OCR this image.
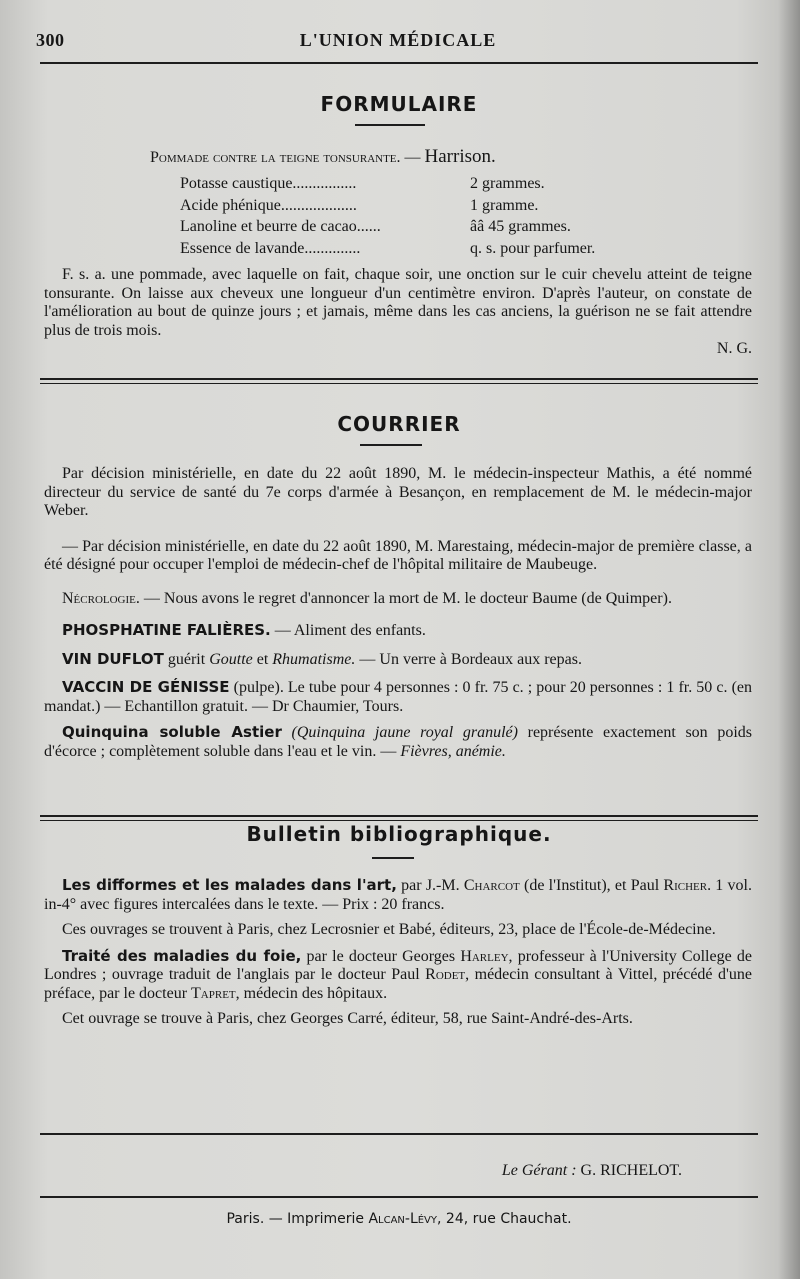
300	L'UNION MÉDICALE
FORMULAIRE
Pommade contre la teigne tonsurante. — Harrison.
Potasse caustique................	2 grammes.
Acide phénique...................	1 gramme.
Lanoline et beurre de cacao......	ââ 45 grammes.
Essence de lavande..............	q. s. pour parfumer.

F. s. a. une pommade, avec laquelle on fait, chaque soir, une onction sur le cuir chevelu atteint de teigne tonsurante. On laisse aux cheveux une longueur d'un centimètre environ. D'après l'auteur, on constate de l'amélioration au bout de quinze jours ; et jamais, même dans les cas anciens, la guérison ne se fait attendre plus de trois mois.

N. G.

COURRIER

Par décision ministérielle, en date du 22 août 1890, M. le médecin-inspecteur Mathis, a été nommé directeur du service de santé du 7e corps d'armée à Besançon, en remplacement de M. le médecin-major Weber.

— Par décision ministérielle, en date du 22 août 1890, M. Marestaing, médecin-major de première classe, a été désigné pour occuper l'emploi de médecin-chef de l'hôpital militaire de Maubeuge.

Nécrologie. — Nous avons le regret d'annoncer la mort de M. le docteur Baume (de Quimper).

PHOSPHATINE FALIÈRES. — Aliment des enfants.

VIN DUFLOT guérit Goutte et Rhumatisme. — Un verre à Bordeaux aux repas.

VACCIN DE GÉNISSE (pulpe). Le tube pour 4 personnes : 0 fr. 75 c. ; pour 20 personnes : 1 fr. 50 c. (en mandat.) — Echantillon gratuit. — Dr Chaumier, Tours.

Quinquina soluble Astier (Quinquina jaune royal granulé) représente exactement son poids d'écorce ; complètement soluble dans l'eau et le vin. — Fièvres, anémie.

Bulletin bibliographique.

Les difformes et les malades dans l'art, par J.-M. Charcot (de l'Institut), et Paul Richer. 1 vol. in-4° avec figures intercalées dans le texte. — Prix : 20 francs.

Ces ouvrages se trouvent à Paris, chez Lecrosnier et Babé, éditeurs, 23, place de l'École-de-Médecine.

Traité des maladies du foie, par le docteur Georges Harley, professeur à l'University College de Londres ; ouvrage traduit de l'anglais par le docteur Paul Rodet, médecin consultant à Vittel, précédé d'une préface, par le docteur Tapret, médecin des hôpitaux.

Cet ouvrage se trouve à Paris, chez Georges Carré, éditeur, 58, rue Saint-André-des-Arts.

Le Gérant : G. RICHELOT.
Paris. — Imprimerie Alcan-Lévy, 24, rue Chauchat.
